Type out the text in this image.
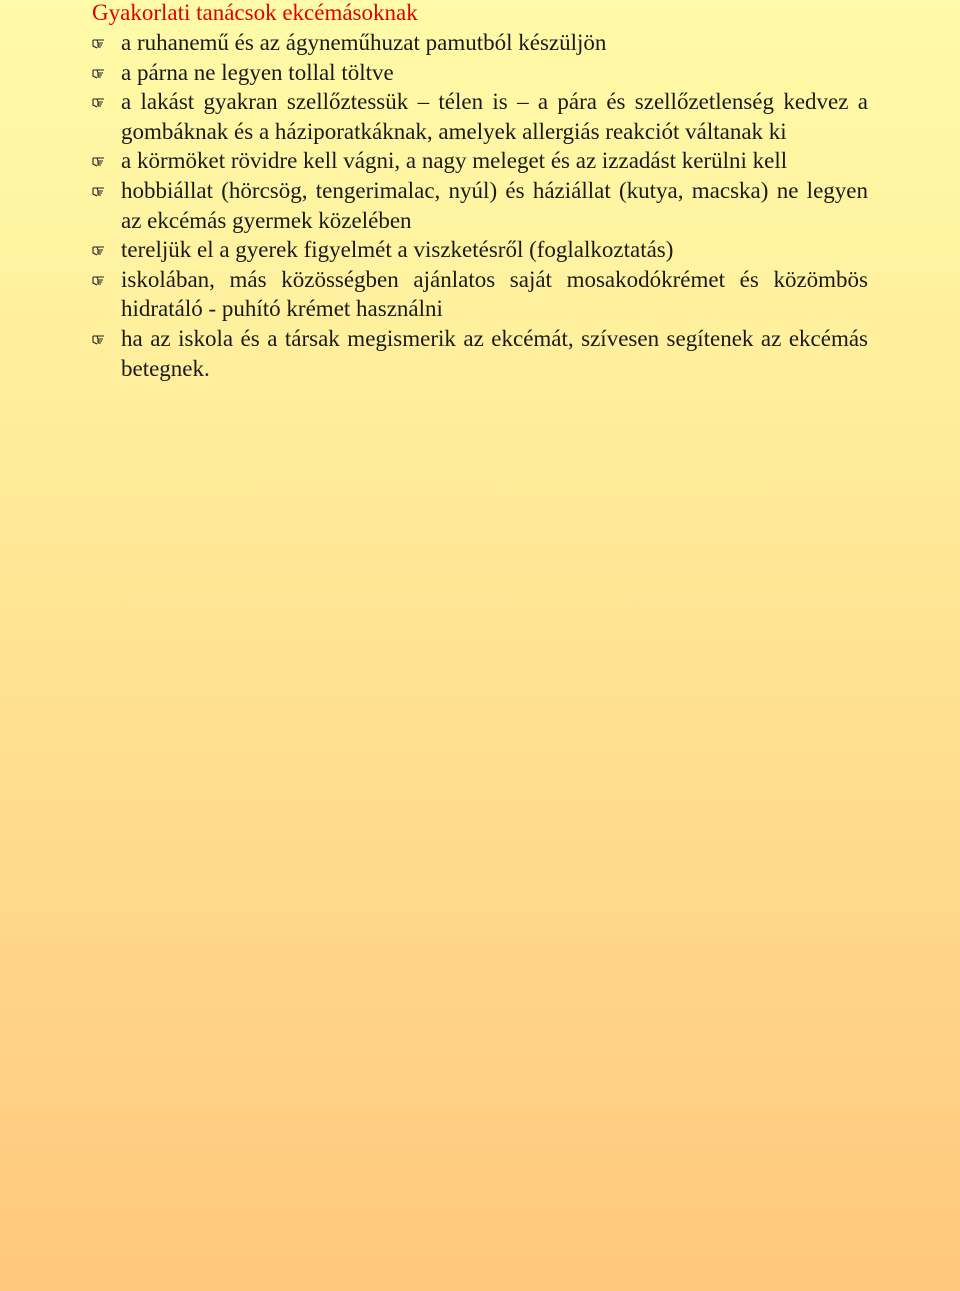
Gyakorlati tanácsok ekcémásoknak
a ruhanemű és az ágyneműhuzat pamutból készüljön
a párna ne legyen tollal töltve
a lakást gyakran szellőztessük – télen is – a pára és szellőzetlenség kedvez a gombáknak és a háziporatkáknak, amelyek allergiás reakciót váltanak ki
a körmöket rövidre kell vágni, a nagy meleget és az izzadást kerülni kell
hobbiállat (hörcsög, tengerimalac, nyúl) és háziállat (kutya, macska) ne legyen az ekcémás gyermek közelében
tereljük el a gyerek figyelmét a viszketésről (foglalkoztatás)
iskolában, más közösségben ajánlatos saját mosakodókrémet és közömbös hidratáló - puhító krémet használni
ha az iskola és a társak megismerik az ekcémát, szívesen segítenek az ekcémás betegnek.
